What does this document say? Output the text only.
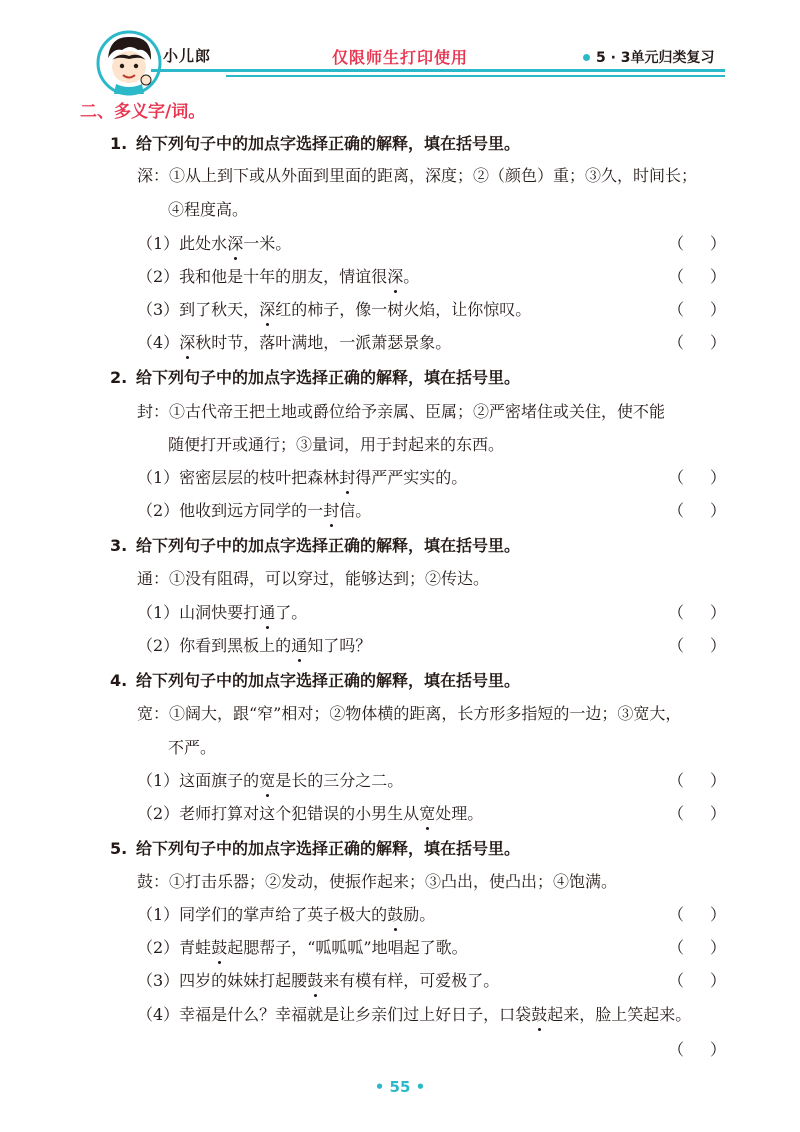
小儿郎	仅限师生打印使用	5 · 3单元归类复习
二、多义字/词。
1. 给下列句子中的加点字选择正确的解释，填在括号里。
深：①从上到下或从外面到里面的距离，深度；②（颜色）重；③久，时间长；
④程度高。
（1）此处水深一米。	（ ）
（2）我和他是十年的朋友，情谊很深。	（ ）
（3）到了秋天，深红的柿子，像一树火焰，让你惊叹。	（ ）
（4）深秋时节，落叶满地，一派萧瑟景象。	（ ）
2. 给下列句子中的加点字选择正确的解释，填在括号里。
封：①古代帝王把土地或爵位给予亲属、臣属；②严密堵住或关住，使不能
随便打开或通行；③量词，用于封起来的东西。
（1）密密层层的枝叶把森林封得严严实实的。	（ ）
（2）他收到远方同学的一封信。	（ ）
3. 给下列句子中的加点字选择正确的解释，填在括号里。
通：①没有阻碍，可以穿过，能够达到；②传达。
（1）山洞快要打通了。	（ ）
（2）你看到黑板上的通知了吗？	（ ）
4. 给下列句子中的加点字选择正确的解释，填在括号里。
宽：①阔大，跟“窄”相对；②物体横的距离，长方形多指短的一边；③宽大，
不严。
（1）这面旗子的宽是长的三分之二。	（ ）
（2）老师打算对这个犯错误的小男生从宽处理。	（ ）
5. 给下列句子中的加点字选择正确的解释，填在括号里。
鼓：①打击乐器；②发动，使振作起来；③凸出，使凸出；④饱满。
（1）同学们的掌声给了英子极大的鼓励。	（ ）
（2）青蛙鼓起腮帮子，“呱呱呱”地唱起了歌。	（ ）
（3）四岁的妹妹打起腰鼓来有模有样，可爱极了。	（ ）
（4）幸福是什么？幸福就是让乡亲们过上好日子，口袋鼓起来，脸上笑起来。
（ ）
• 55 •
